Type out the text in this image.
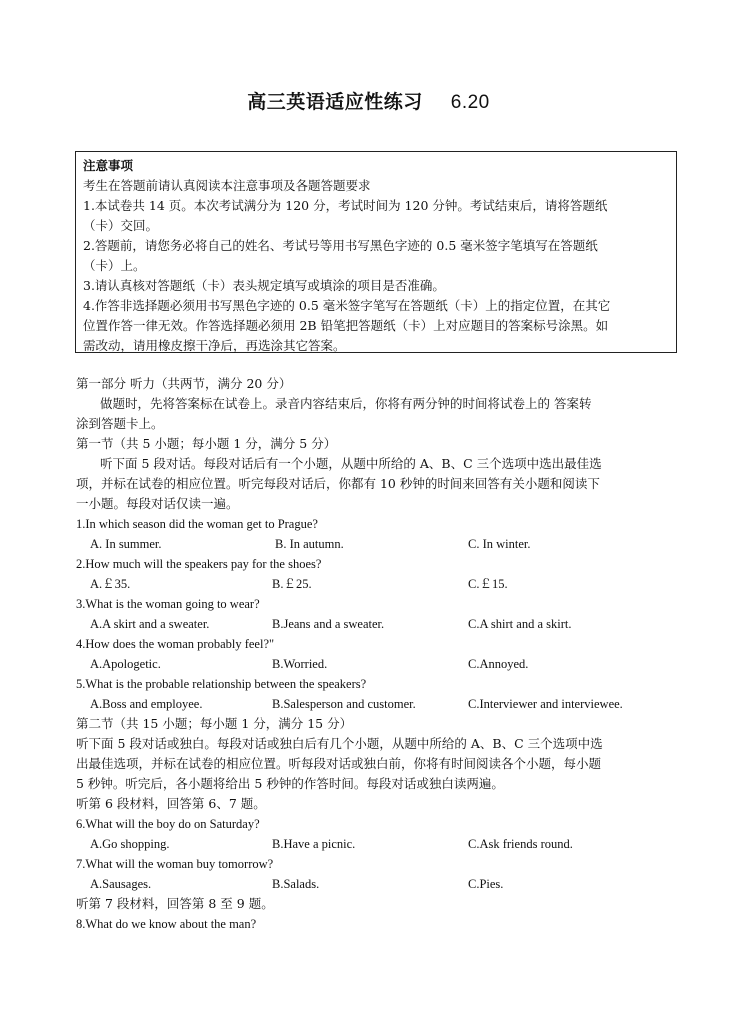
高三英语适应性练习 6.20
注意事项
考生在答题前请认真阅读本注意事项及各题答题要求
1.本试卷共 14 页。本次考试满分为 120 分，考试时间为 120 分钟。考试结束后，请将答题纸
（卡）交回。
2.答题前，请您务必将自己的姓名、考试号等用书写黑色字迹的 0.5 毫米签字笔填写在答题纸
（卡）上。
3.请认真核对答题纸（卡）表头规定填写或填涂的项目是否准确。
4.作答非选择题必须用书写黑色字迹的 0.5 毫米签字笔写在答题纸（卡）上的指定位置，在其它
位置作答一律无效。作答选择题必须用 2B 铅笔把答题纸（卡）上对应题目的答案标号涂黑。如
需改动，请用橡皮擦干净后，再选涂其它答案。
第一部分 听力（共两节，满分 20 分）
做题时，先将答案标在试卷上。录音内容结束后，你将有两分钟的时间将试卷上的 答案转
涂到答题卡上。
第一节（共 5 小题；每小题 1 分，满分 5 分）
听下面 5 段对话。每段对话后有一个小题，从题中所给的 A、B、C 三个选项中选出最佳选
项，并标在试卷的相应位置。听完每段对话后，你都有 10 秒钟的时间来回答有关小题和阅读下
一小题。每段对话仅读一遍。
1.In which season did the woman get to Prague?
A. In summer.	B. In autumn.	C. In winter.
2.How much will the speakers pay for the shoes?
A.￡35.	B.￡25.	C.￡15.
3.What is the woman going to wear?
A.A skirt and a sweater.	B.Jeans and a sweater.	C.A shirt and a skirt.
4.How does the woman probably feel?"
A.Apologetic.	B.Worried.	C.Annoyed.
5.What is the probable relationship between the speakers?
A.Boss and employee.	B.Salesperson and customer.	C.Interviewer and interviewee.
第二节（共 15 小题；每小题 1 分，满分 15 分）
听下面 5 段对话或独白。每段对话或独白后有几个小题，从题中所给的 A、B、C 三个选项中选
出最佳选项，并标在试卷的相应位置。听每段对话或独白前，你将有时间阅读各个小题，每小题
5 秒钟。听完后，各小题将给出 5 秒钟的作答时间。每段对话或独白读两遍。
听第 6 段材料，回答第 6、7 题。
6.What will the boy do on Saturday?
A.Go shopping.	B.Have a picnic.	C.Ask friends round.
7.What will the woman buy tomorrow?
A.Sausages.	B.Salads.	C.Pies.
听第 7 段材料，回答第 8 至 9 题。
8.What do we know about the man?
